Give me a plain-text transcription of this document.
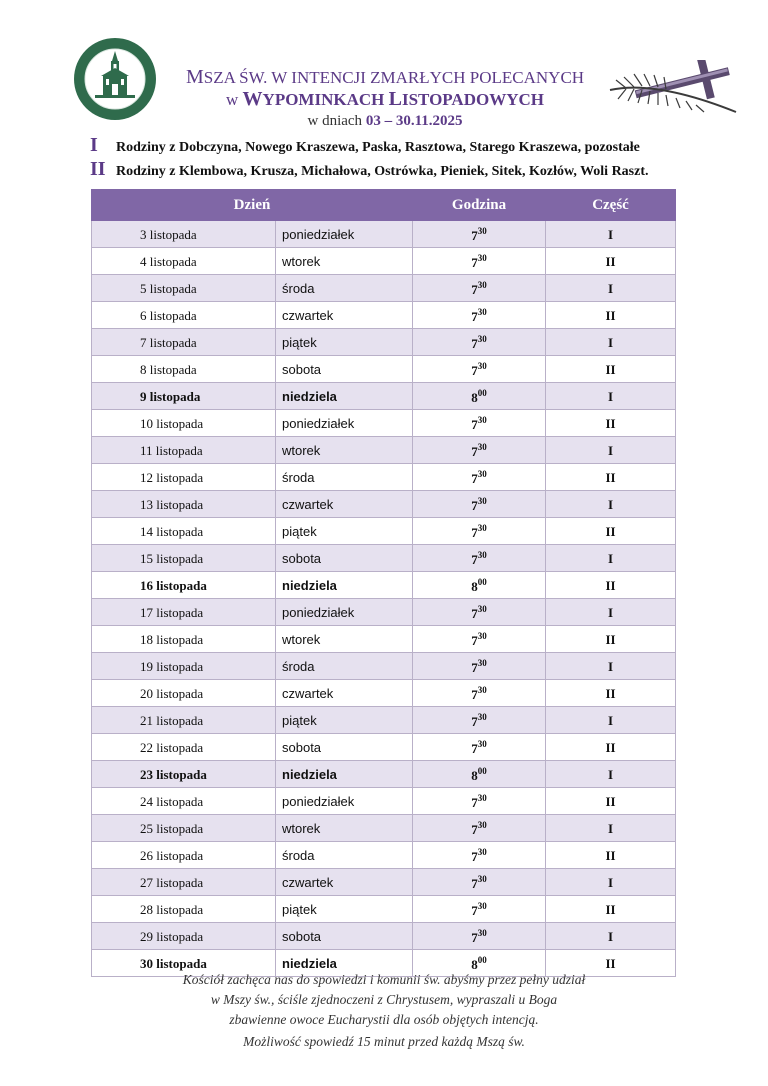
MSZA ŚW. W INTENCJI ZMARŁYCH POLECANYCH
w WYPOMINKACH LISTOPADOWYCH
w dniach 03 – 30.11.2025
I Rodziny z Dobczyna, Nowego Kraszewa, Paska, Rasztowa, Starego Kraszewa, pozostałe
II Rodziny z Klembowa, Krusza, Michałowa, Ostrówka, Pieniek, Sitek, Kozłów, Woli Raszt.
Dzień		Godzina	Część
3 listopada	poniedziałek	$7^{30}$	I
4 listopada	wtorek	$7^{30}$	II
5 listopada	środa	$7^{30}$	I
6 listopada	czwartek	$7^{30}$	II
7 listopada	piątek	$7^{30}$	I
8 listopada	sobota	$7^{30}$	II
9 listopada	niedziela	$8^{00}$	I
10 listopada	poniedziałek	$7^{30}$	II
11 listopada	wtorek	$7^{30}$	I
12 listopada	środa	$7^{30}$	II
13 listopada	czwartek	$7^{30}$	I
14 listopada	piątek	$7^{30}$	II
15 listopada	sobota	$7^{30}$	I
16 listopada	niedziela	$8^{00}$	II
17 listopada	poniedziałek	$7^{30}$	I
18 listopada	wtorek	$7^{30}$	II
19 listopada	środa	$7^{30}$	I
20 listopada	czwartek	$7^{30}$	II
21 listopada	piątek	$7^{30}$	I
22 listopada	sobota	$7^{30}$	II
23 listopada	niedziela	$8^{00}$	I
24 listopada	poniedziałek	$7^{30}$	II
25 listopada	wtorek	$7^{30}$	I
26 listopada	środa	$7^{30}$	II
27 listopada	czwartek	$7^{30}$	I
28 listopada	piątek	$7^{30}$	II
29 listopada	sobota	$7^{30}$	I
30 listopada	niedziela	$8^{00}$	II
Kościół zachęca nas do spowiedzi i komunii św. abyśmy przez pełny udział
w Mszy św., ściśle zjednoczeni z Chrystusem, wypraszali u Boga
zbawienne owoce Eucharystii dla osób objętych intencją.
Możliwość spowiedź 15 minut przed każdą Mszą św.
